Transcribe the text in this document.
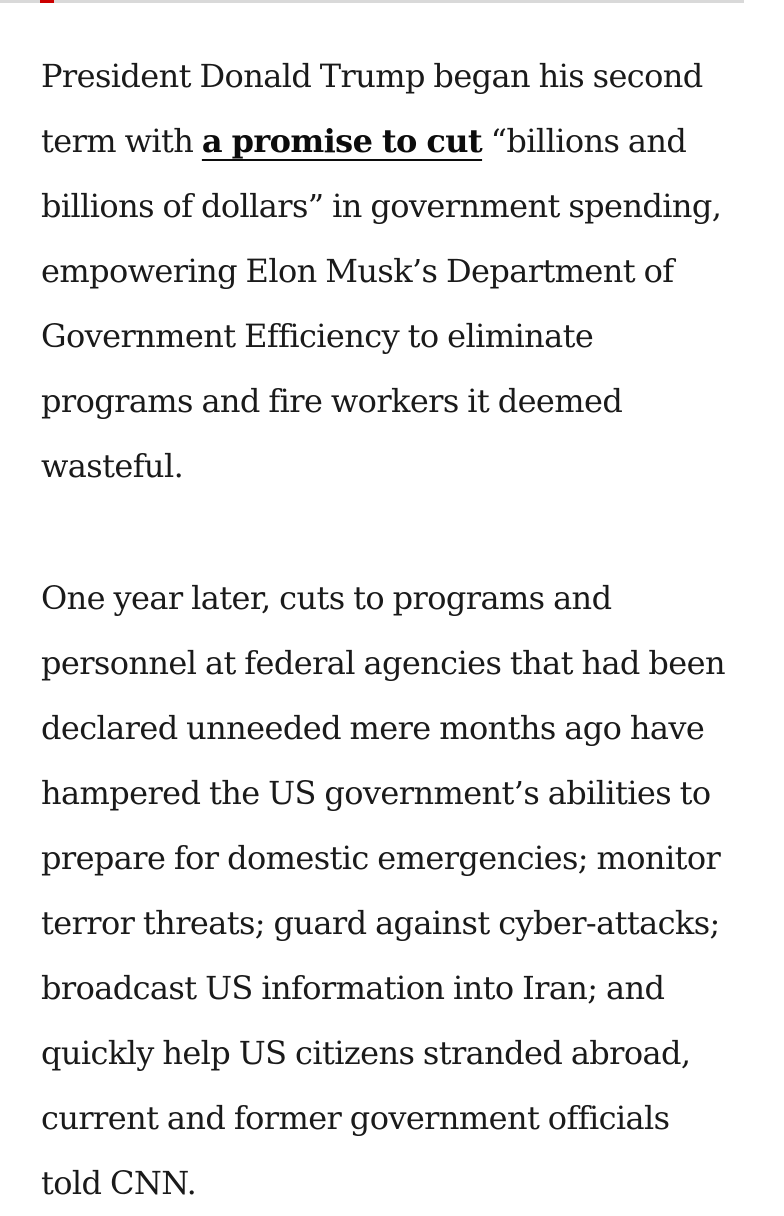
President Donald Trump began his second
term with a promise to cut “billions and
billions of dollars” in government spending,
empowering Elon Musk’s Department of
Government Efficiency to eliminate
programs and fire workers it deemed
wasteful.

One year later, cuts to programs and
personnel at federal agencies that had been
declared unneeded mere months ago have
hampered the US government’s abilities to
prepare for domestic emergencies; monitor
terror threats; guard against cyber-attacks;
broadcast US information into Iran; and
quickly help US citizens stranded abroad,
current and former government officials
told CNN.
